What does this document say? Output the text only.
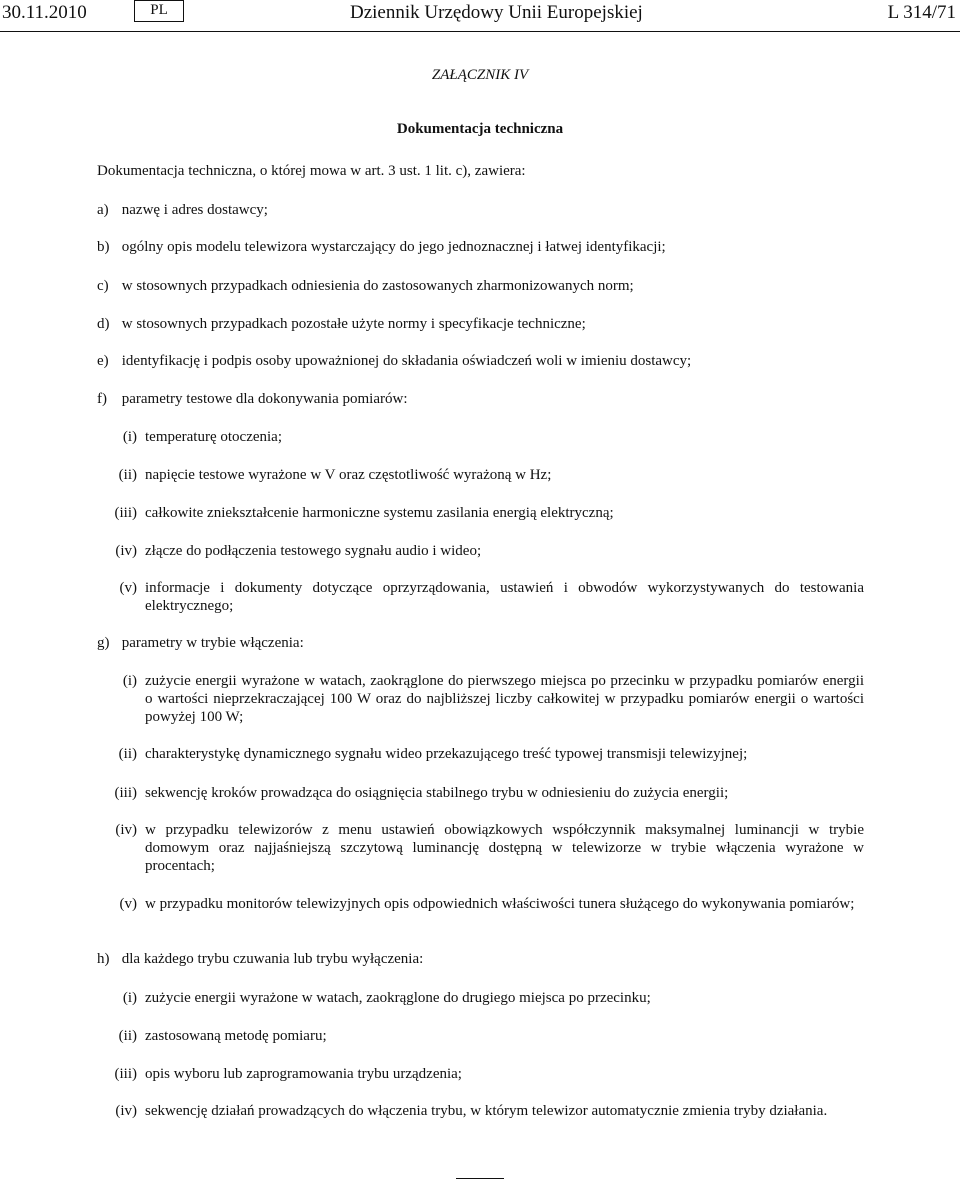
30.11.2010	PL	Dziennik Urzędowy Unii Europejskiej	L 314/71
ZAŁĄCZNIK IV
Dokumentacja techniczna
Dokumentacja techniczna, o której mowa w art. 3 ust. 1 lit. c), zawiera:
a) nazwę i adres dostawcy;
b) ogólny opis modelu telewizora wystarczający do jego jednoznacznej i łatwej identyfikacji;
c) w stosownych przypadkach odniesienia do zastosowanych zharmonizowanych norm;
d) w stosownych przypadkach pozostałe użyte normy i specyfikacje techniczne;
e) identyfikację i podpis osoby upoważnionej do składania oświadczeń woli w imieniu dostawcy;
f) parametry testowe dla dokonywania pomiarów:
(i) temperaturę otoczenia;
(ii) napięcie testowe wyrażone w V oraz częstotliwość wyrażoną w Hz;
(iii) całkowite zniekształcenie harmoniczne systemu zasilania energią elektryczną;
(iv) złącze do podłączenia testowego sygnału audio i wideo;
(v) informacje i dokumenty dotyczące oprzyrządowania, ustawień i obwodów wykorzystywanych do testowania elektrycznego;
g) parametry w trybie włączenia:
(i) zużycie energii wyrażone w watach, zaokrąglone do pierwszego miejsca po przecinku w przypadku pomiarów energii o wartości nieprzekraczającej 100 W oraz do najbliższej liczby całkowitej w przypadku pomiarów energii o wartości powyżej 100 W;
(ii) charakterystykę dynamicznego sygnału wideo przekazującego treść typowej transmisji telewizyjnej;
(iii) sekwencję kroków prowadząca do osiągnięcia stabilnego trybu w odniesieniu do zużycia energii;
(iv) w przypadku telewizorów z menu ustawień obowiązkowych współczynnik maksymalnej luminancji w trybie domowym oraz najjaśniejszą szczytową luminancję dostępną w telewizorze w trybie włączenia wyrażone w procentach;
(v) w przypadku monitorów telewizyjnych opis odpowiednich właściwości tunera służącego do wykonywania pomiarów;
h) dla każdego trybu czuwania lub trybu wyłączenia:
(i) zużycie energii wyrażone w watach, zaokrąglone do drugiego miejsca po przecinku;
(ii) zastosowaną metodę pomiaru;
(iii) opis wyboru lub zaprogramowania trybu urządzenia;
(iv) sekwencję działań prowadzących do włączenia trybu, w którym telewizor automatycznie zmienia tryby działania.
